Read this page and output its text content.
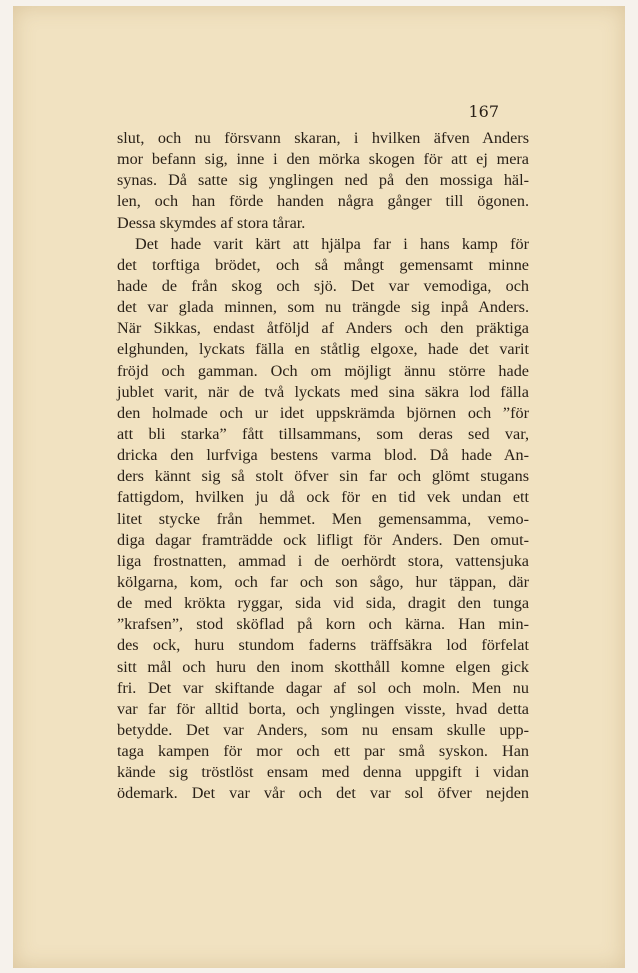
167
slut, och nu försvann skaran, i hvilken äfven Anders
mor befann sig, inne i den mörka skogen för att ej mera
synas. Då satte sig ynglingen ned på den mossiga häl-
len, och han förde handen några gånger till ögonen.
Dessa skymdes af stora tårar.
Det hade varit kärt att hjälpa far i hans kamp för
det torftiga brödet, och så mångt gemensamt minne
hade de från skog och sjö. Det var vemodiga, och
det var glada minnen, som nu trängde sig inpå Anders.
När Sikkas, endast åtföljd af Anders och den präktiga
elghunden, lyckats fälla en ståtlig elgoxe, hade det varit
fröjd och gamman. Och om möjligt ännu större hade
jublet varit, när de två lyckats med sina säkra lod fälla
den holmade och ur idet uppskrämda björnen och ”för
att bli starka” fått tillsammans, som deras sed var,
dricka den lurfviga bestens varma blod. Då hade An-
ders kännt sig så stolt öfver sin far och glömt stugans
fattigdom, hvilken ju då ock för en tid vek undan ett
litet stycke från hemmet. Men gemensamma, vemo-
diga dagar framträdde ock lifligt för Anders. Den omut-
liga frostnatten, ammad i de oerhördt stora, vattensjuka
kölgarna, kom, och far och son sågo, hur täppan, där
de med krökta ryggar, sida vid sida, dragit den tunga
”krafsen”, stod sköflad på korn och kärna. Han min-
des ock, huru stundom faderns träffsäkra lod förfelat
sitt mål och huru den inom skotthåll komne elgen gick
fri. Det var skiftande dagar af sol och moln. Men nu
var far för alltid borta, och ynglingen visste, hvad detta
betydde. Det var Anders, som nu ensam skulle upp-
taga kampen för mor och ett par små syskon. Han
kände sig tröstlöst ensam med denna uppgift i vidan
ödemark. Det var vår och det var sol öfver nejden
